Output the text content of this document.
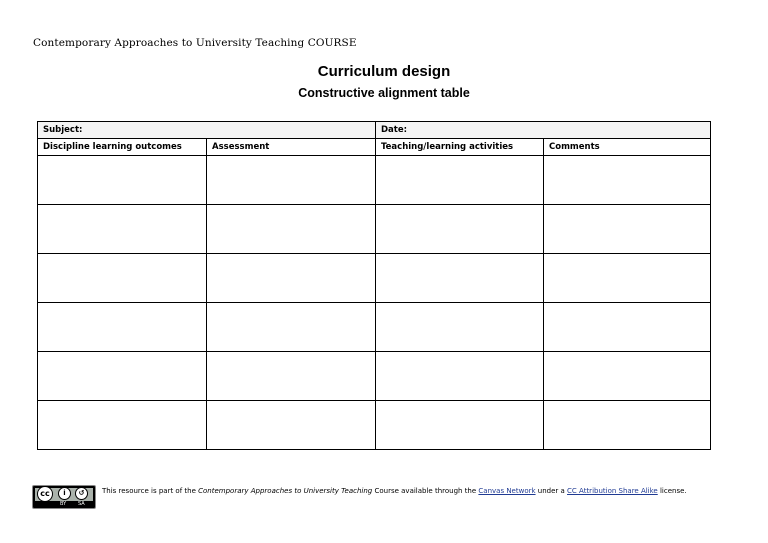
Contemporary Approaches to University Teaching COURSE
Curriculum design
Constructive alignment table
Subject:		Date:	
Discipline learning outcomes	Assessment	Teaching/learning activities	Comments

cc	i	↺
BY SA
This resource is part of the Contemporary Approaches to University Teaching Course available through the Canvas Network under a CC Attribution Share Alike license.
